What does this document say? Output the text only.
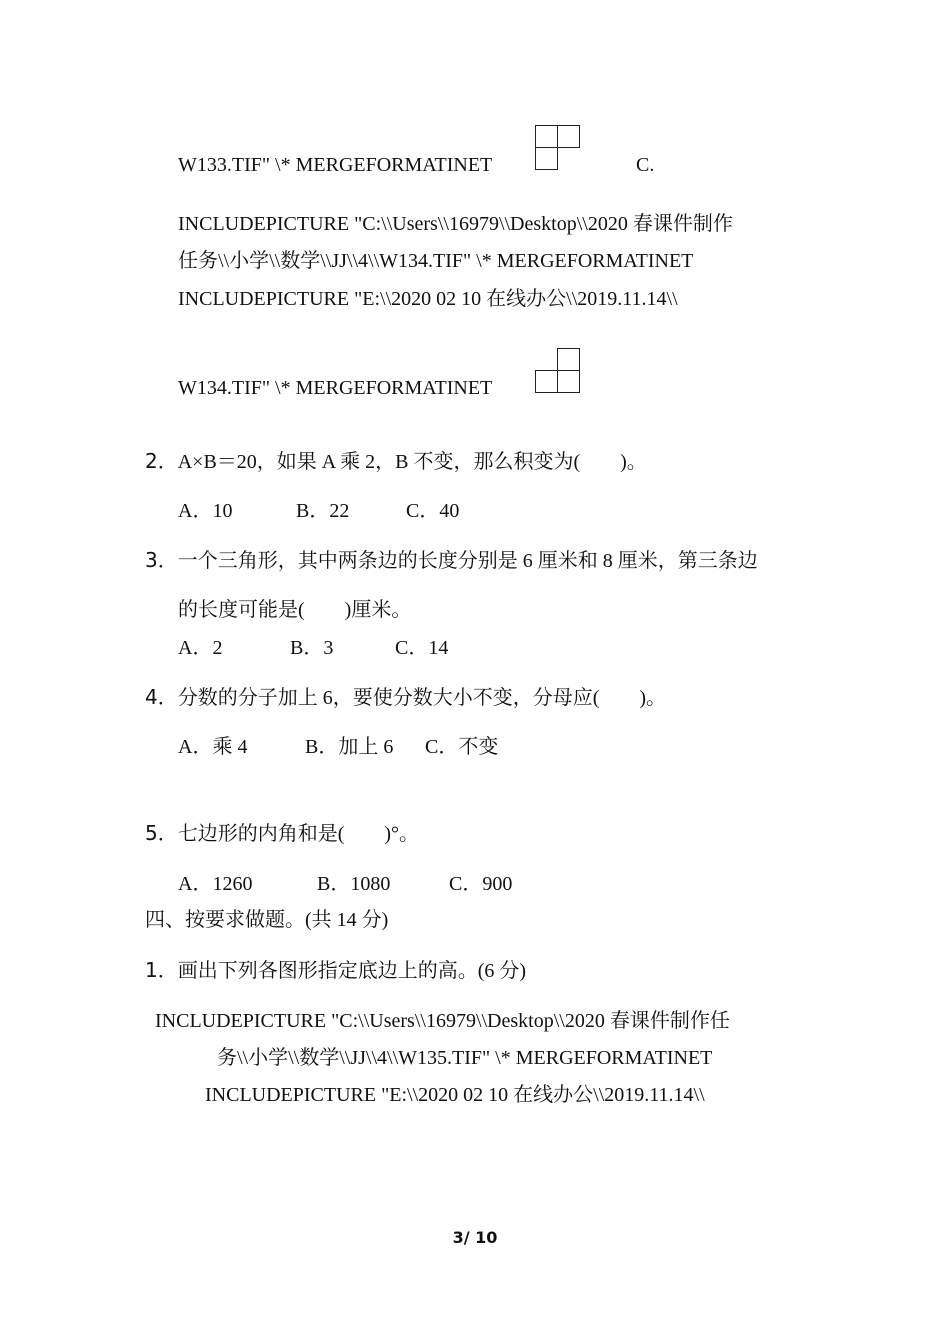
W133.TIF" \* MERGEFORMATINET	C.
INCLUDEPICTURE "C:\\Users\\16979\\Desktop\\2020 春课件制作
任务\\小学\\数学\\JJ\\4\\W134.TIF" \* MERGEFORMATINET
INCLUDEPICTURE "E:\\2020 02 10 在线办公\\2019.11.14\\
W134.TIF" \* MERGEFORMATINET
2．A×B＝20，如果 A 乘 2，B 不变，那么积变为(　　)。
A．10	B．22	C．40
3．一个三角形，其中两条边的长度分别是 6 厘米和 8 厘米，第三条边
的长度可能是(　　)厘米。
A．2	B．3	C．14
4．分数的分子加上 6，要使分数大小不变，分母应(　　)。
A．乘 4	B．加上 6 C．不变
5．七边形的内角和是(　　)°。
A．1260	B．1080	C．900
四、按要求做题。(共 14 分)
1．画出下列各图形指定底边上的高。(6 分)
INCLUDEPICTURE "C:\\Users\\16979\\Desktop\\2020 春课件制作任
务\\小学\\数学\\JJ\\4\\W135.TIF" \* MERGEFORMATINET
INCLUDEPICTURE "E:\\2020 02 10 在线办公\\2019.11.14\\
3/ 10
